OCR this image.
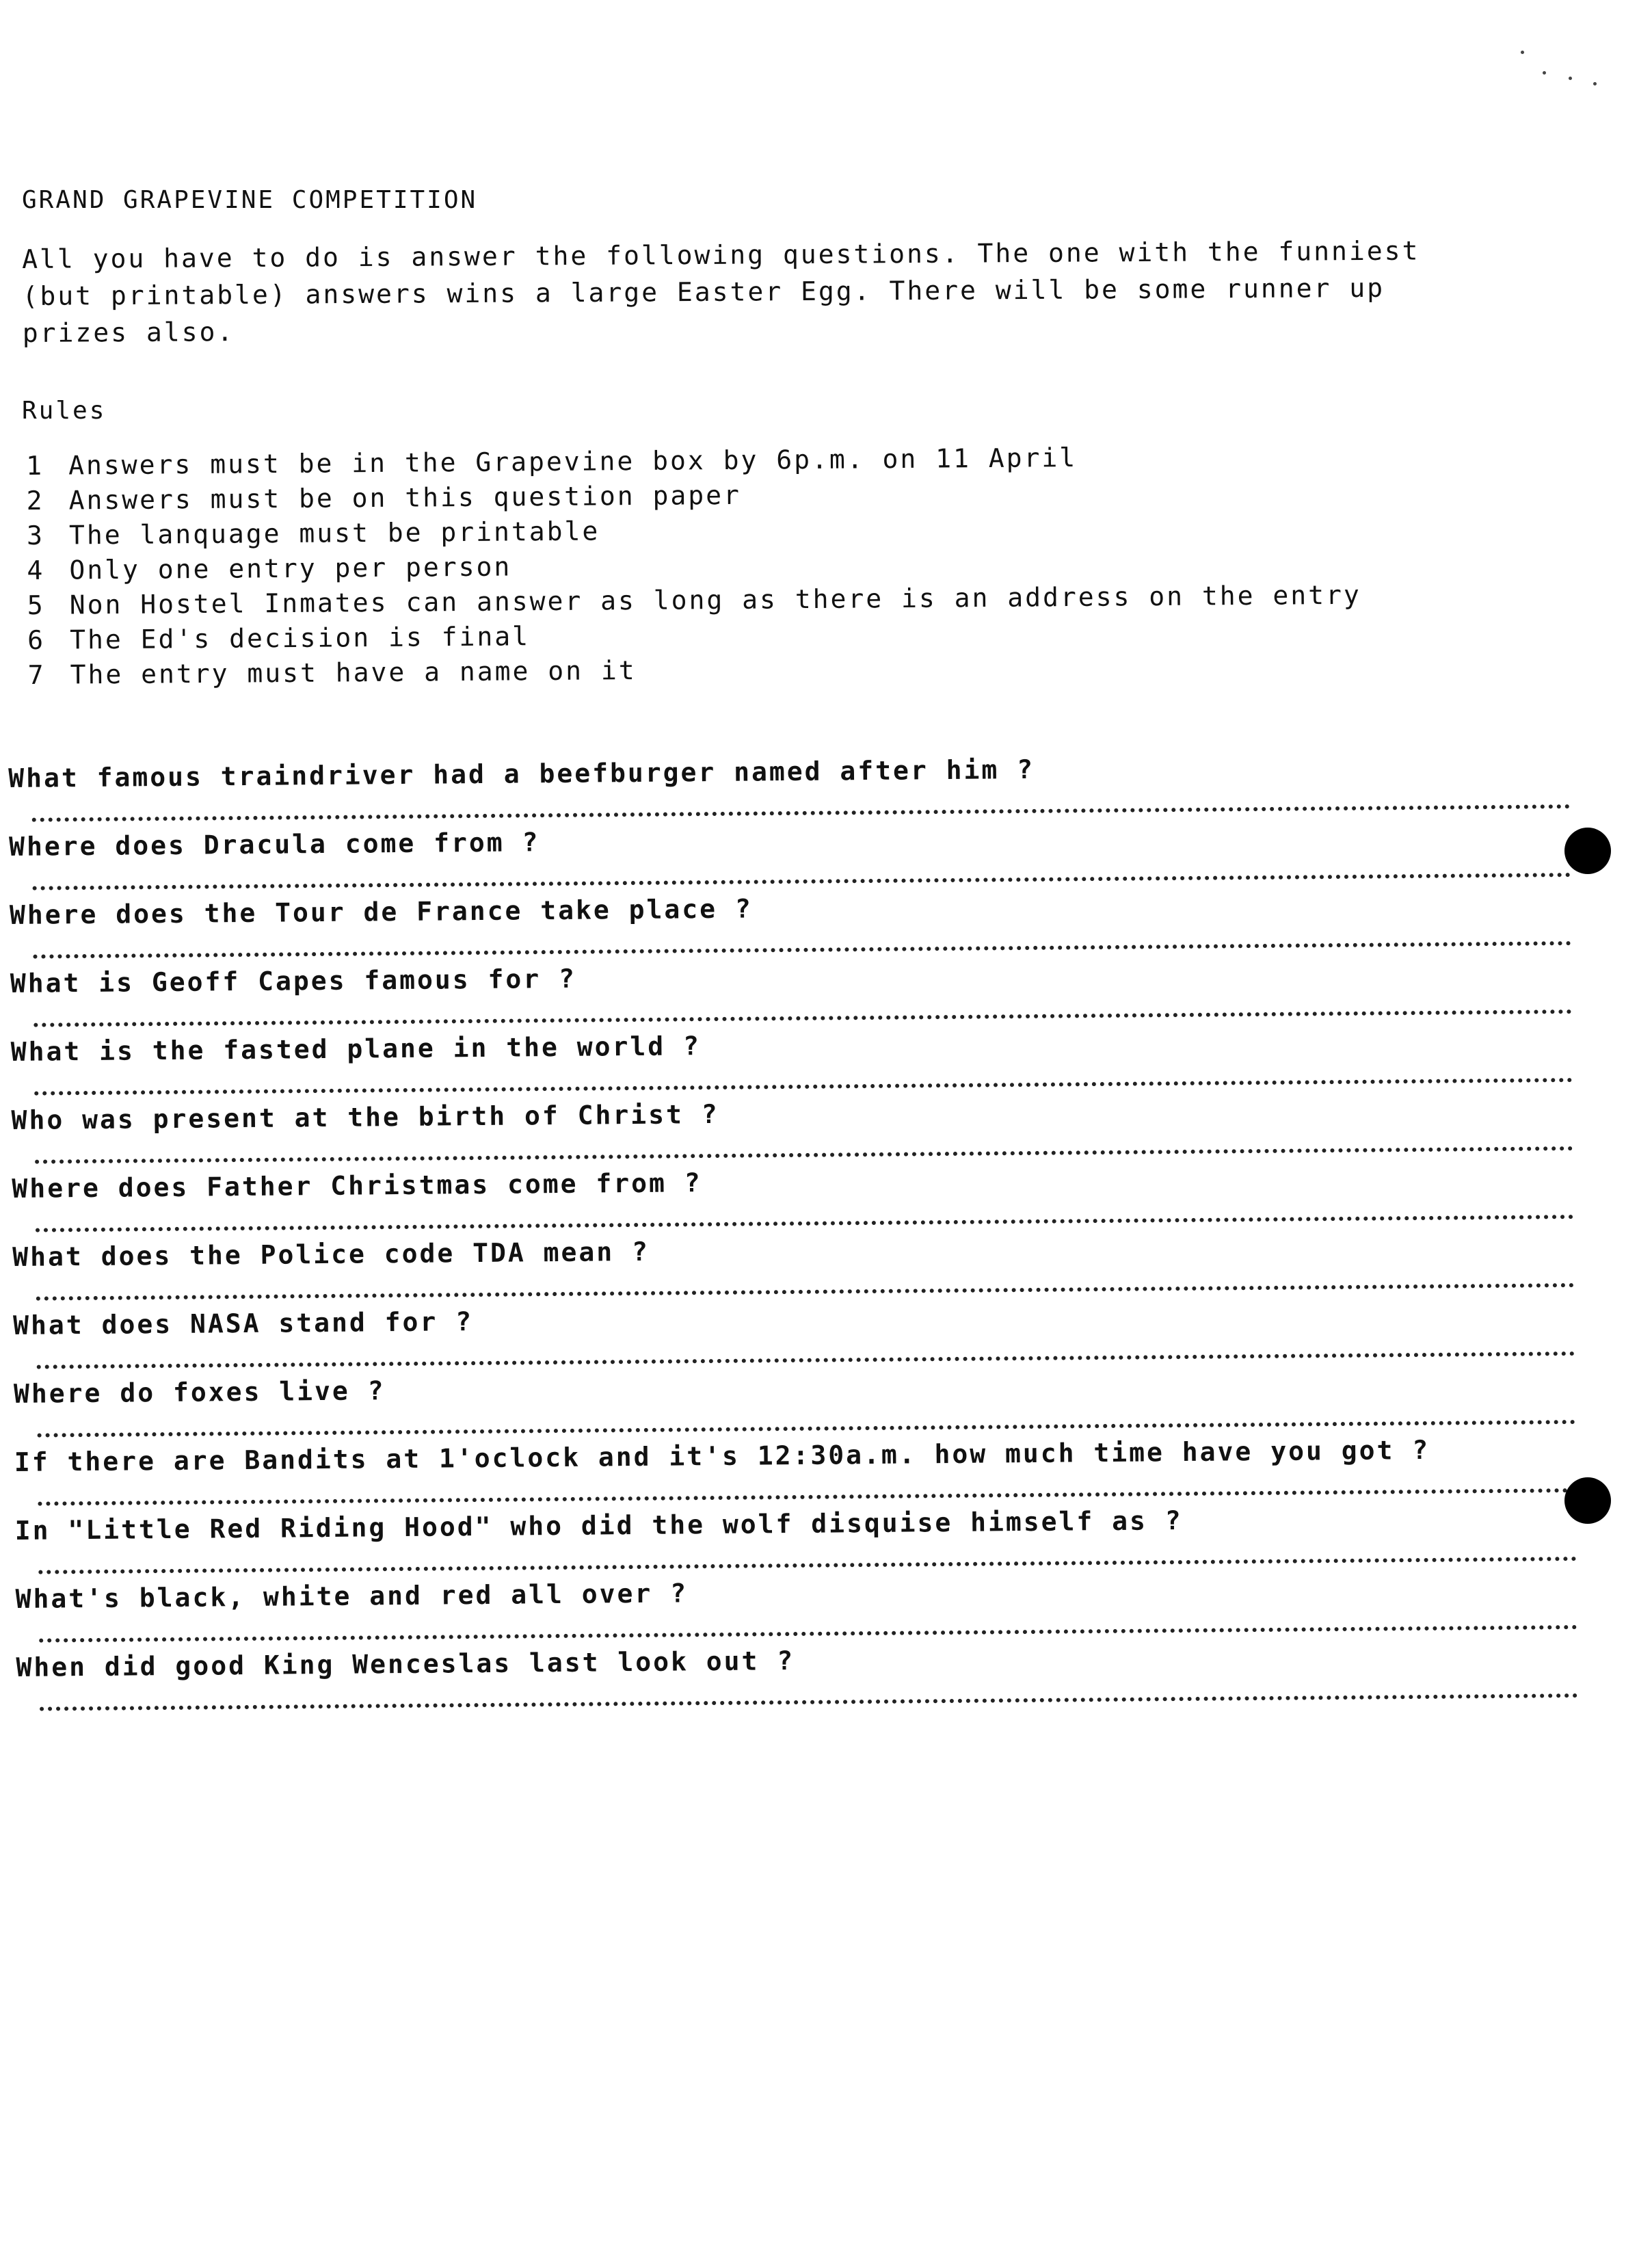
GRAND GRAPEVINE COMPETITION
All you have to do is answer the following questions. The one with the funniest
(but printable) answers wins a large Easter Egg. There will be some runner up
prizes also.
Rules
1 Answers must be in the Grapevine box by 6p.m. on 11 April
2 Answers must be on this question paper
3 The lanquage must be printable
4 Only one entry per person
5 Non Hostel Inmates can answer as long as there is an address on the entry
6 The Ed's decision is final
7 The entry must have a name on it
What famous traindriver had a beefburger named after him ?
Where does Dracula come from ?
Where does the Tour de France take place ?
What is Geoff Capes famous for ?
What is the fasted plane in the world ?
Who was present at the birth of Christ ?
Where does Father Christmas come from ?
What does the Police code TDA mean ?
What does NASA stand for ?
Where do foxes live ?
If there are Bandits at 1'oclock and it's 12:30a.m. how much time have you got ?
In "Little Red Riding Hood" who did the wolf disquise himself as ?
What's black, white and red all over ?
When did good King Wenceslas last look out ?
